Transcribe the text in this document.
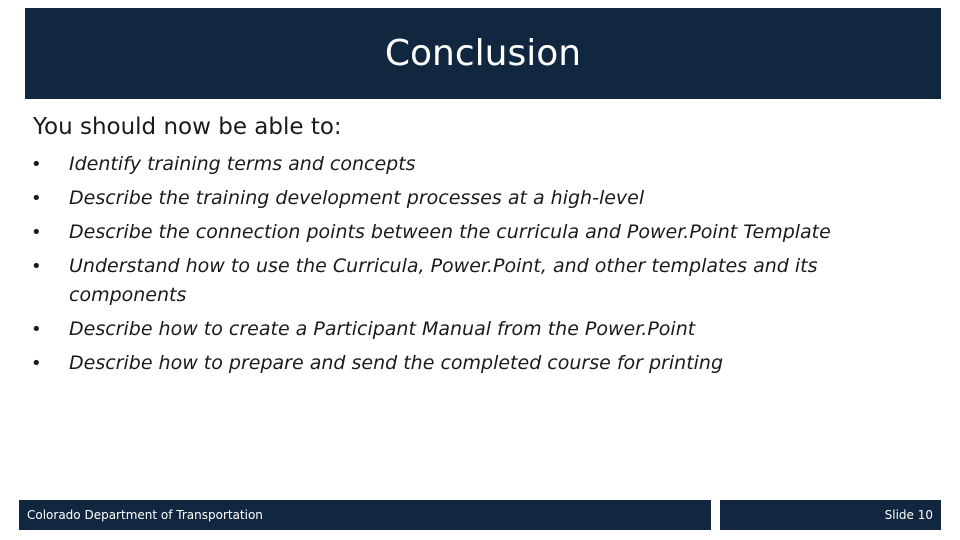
Conclusion
You should now be able to:
• Identify training terms and concepts
• Describe the training development processes at a high-level
• Describe the connection points between the curricula and Power.Point Template
• Understand how to use the Curricula, Power.Point, and other templates and its components
• Describe how to create a Participant Manual from the Power.Point
• Describe how to prepare and send the completed course for printing
Colorado Department of Transportation	Slide 10
